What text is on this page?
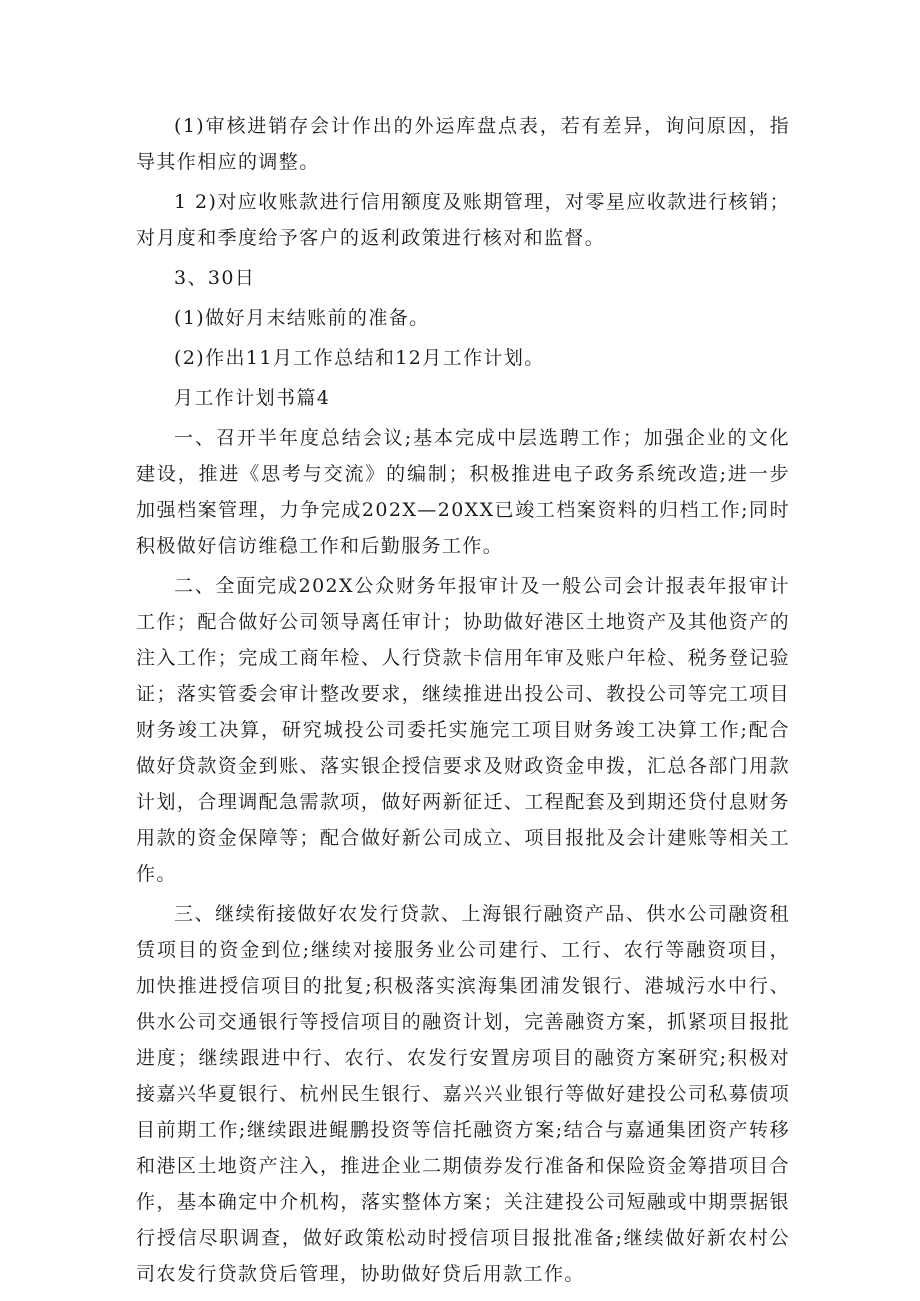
(1)审核进销存会计作出的外运库盘点表，若有差异，询问原因，指导其作相应的调整。

1 2)对应收账款进行信用额度及账期管理，对零星应收款进行核销；对月度和季度给予客户的返利政策进行核对和监督。

3、30日

(1)做好月末结账前的准备。

(2)作出11月工作总结和12月工作计划。

月工作计划书篇4

一、召开半年度总结会议;基本完成中层选聘工作；加强企业的文化建设，推进《思考与交流》的编制；积极推进电子政务系统改造;进一步加强档案管理，力争完成202X—20XX已竣工档案资料的归档工作;同时积极做好信访维稳工作和后勤服务工作。

二、全面完成202X公众财务年报审计及一般公司会计报表年报审计工作；配合做好公司领导离任审计；协助做好港区土地资产及其他资产的注入工作；完成工商年检、人行贷款卡信用年审及账户年检、税务登记验证；落实管委会审计整改要求，继续推进出投公司、教投公司等完工项目财务竣工决算，研究城投公司委托实施完工项目财务竣工决算工作;配合做好贷款资金到账、落实银企授信要求及财政资金申拨，汇总各部门用款计划，合理调配急需款项，做好两新征迁、工程配套及到期还贷付息财务用款的资金保障等；配合做好新公司成立、项目报批及会计建账等相关工作。

三、继续衔接做好农发行贷款、上海银行融资产品、供水公司融资租赁项目的资金到位;继续对接服务业公司建行、工行、农行等融资项目，加快推进授信项目的批复;积极落实滨海集团浦发银行、港城污水中行、供水公司交通银行等授信项目的融资计划，完善融资方案，抓紧项目报批进度；继续跟进中行、农行、农发行安置房项目的融资方案研究;积极对接嘉兴华夏银行、杭州民生银行、嘉兴兴业银行等做好建投公司私募债项目前期工作;继续跟进鲲鹏投资等信托融资方案;结合与嘉通集团资产转移和港区土地资产注入，推进企业二期债券发行准备和保险资金筹措项目合作，基本确定中介机构，落实整体方案；关注建投公司短融或中期票据银行授信尽职调查，做好政策松动时授信项目报批准备;继续做好新农村公司农发行贷款贷后管理，协助做好贷后用款工作。
